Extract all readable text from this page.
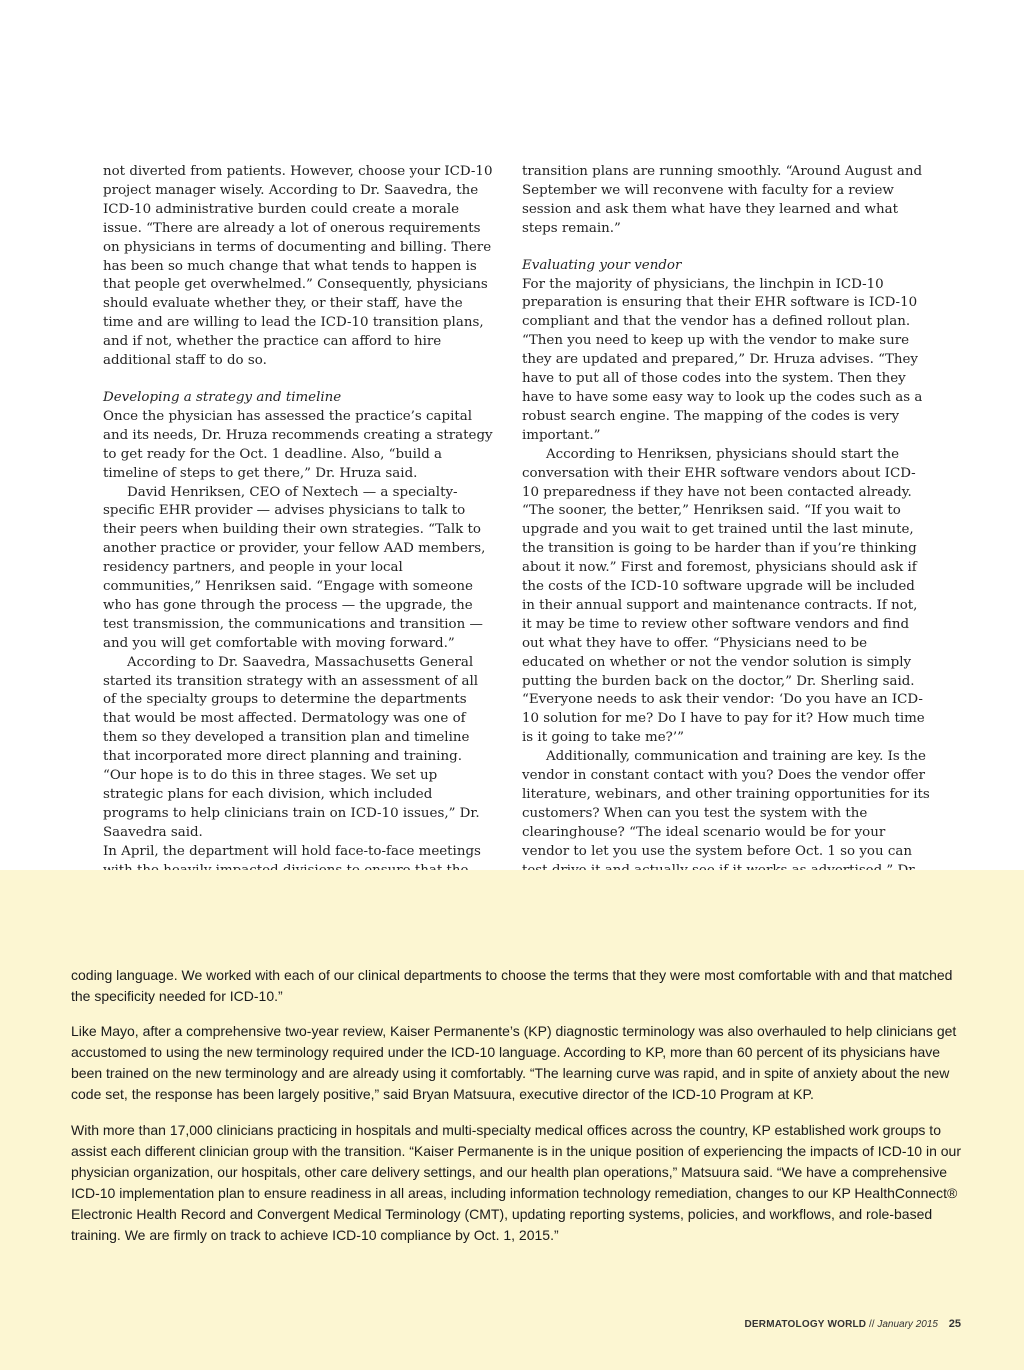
not diverted from patients. However, choose your ICD-10 project manager wisely. According to Dr. Saavedra, the ICD-10 administrative burden could create a morale issue. “There are already a lot of onerous requirements on physicians in terms of documenting and billing. There has been so much change that what tends to happen is that people get overwhelmed.” Consequently, physicians should evaluate whether they, or their staff, have the time and are willing to lead the ICD-10 transition plans, and if not, whether the practice can afford to hire additional staff to do so.

Developing a strategy and timeline

Once the physician has assessed the practice’s capital and its needs, Dr. Hruza recommends creating a strategy to get ready for the Oct. 1 deadline. Also, “build a timeline of steps to get there,” Dr. Hruza said.

David Henriksen, CEO of Nextech — a specialty-specific EHR provider — advises physicians to talk to their peers when building their own strategies. “Talk to another practice or provider, your fellow AAD members, residency partners, and people in your local communities,” Henriksen said. “Engage with someone who has gone through the process — the upgrade, the test transmission, the communications and transition — and you will get comfortable with moving forward.”

According to Dr. Saavedra, Massachusetts General started its transition strategy with an assessment of all of the specialty groups to determine the departments that would be most affected. Dermatology was one of them so they developed a transition plan and timeline that incorporated more direct planning and training. “Our hope is to do this in three stages. We set up strategic plans for each division, which included programs to help clinicians train on ICD-10 issues,” Dr. Saavedra said.

In April, the department will hold face-to-face meetings

transition plans are running smoothly. “Around August and September we will reconvene with faculty for a review session and ask them what have they learned and what steps remain.”

Evaluating your vendor

For the majority of physicians, the linchpin in ICD-10 preparation is ensuring that their EHR software is ICD-10 compliant and that the vendor has a defined rollout plan. “Then you need to keep up with the vendor to make sure they are updated and prepared,” Dr. Hruza advises. “They have to put all of those codes into the system. Then they have to have some easy way to look up the codes such as a robust search engine. The mapping of the codes is very important.”

According to Henriksen, physicians should start the conversation with their EHR software vendors about ICD-10 preparedness if they have not been contacted already. “The sooner, the better,” Henriksen said. “If you wait to upgrade and you wait to get trained until the last minute, the transition is going to be harder than if you’re thinking about it now.” First and foremost, physicians should ask if the costs of the ICD-10 software upgrade will be included in their annual support and maintenance contracts. If not, it may be time to review other software vendors and find out what they have to offer. “Physicians need to be educated on whether or not the vendor solution is simply putting the burden back on the doctor,” Dr. Sherling said. “Everyone needs to ask their vendor: ‘Do you have an ICD-10 solution for me? Do I have to pay for it? How much time is it going to take me?’”

Additionally, communication and training are key. Is the vendor in constant contact with you? Does the vendor offer literature, webinars, and other training opportunities for its customers? When can you test the system with the clearinghouse? “The ideal scenario would be for your vendor to let you use the system before Oct. 1 so you can

coding language. We worked with each of our clinical departments to choose the terms that they were most comfortable with and that matched the specificity needed for ICD-10.”

Like Mayo, after a comprehensive two-year review, Kaiser Permanente’s (KP) diagnostic terminology was also overhauled to help clinicians get accustomed to using the new terminology required under the ICD-10 language. According to KP, more than 60 percent of its physicians have been trained on the new terminology and are already using it comfortably. “The learning curve was rapid, and in spite of anxiety about the new code set, the response has been largely positive,” said Bryan Matsuura, executive director of the ICD-10 Program at KP.

With more than 17,000 clinicians practicing in hospitals and multi-specialty medical offices across the country, KP established work groups to assist each different clinician group with the transition. “Kaiser Permanente is in the unique position of experiencing the impacts of ICD-10 in our physician organization, our hospitals, other care delivery settings, and our health plan operations,” Matsuura said. “We have a comprehensive ICD-10 implementation plan to ensure readiness in all areas, including information technology remediation, changes to our KP HealthConnect® Electronic Health Record and Convergent Medical Terminology (CMT), updating reporting systems, policies, and workflows, and role-based training. We are firmly on track to achieve ICD-10 compliance by Oct. 1, 2015.”

DERMATOLOGY WORLD // January 2015 25
